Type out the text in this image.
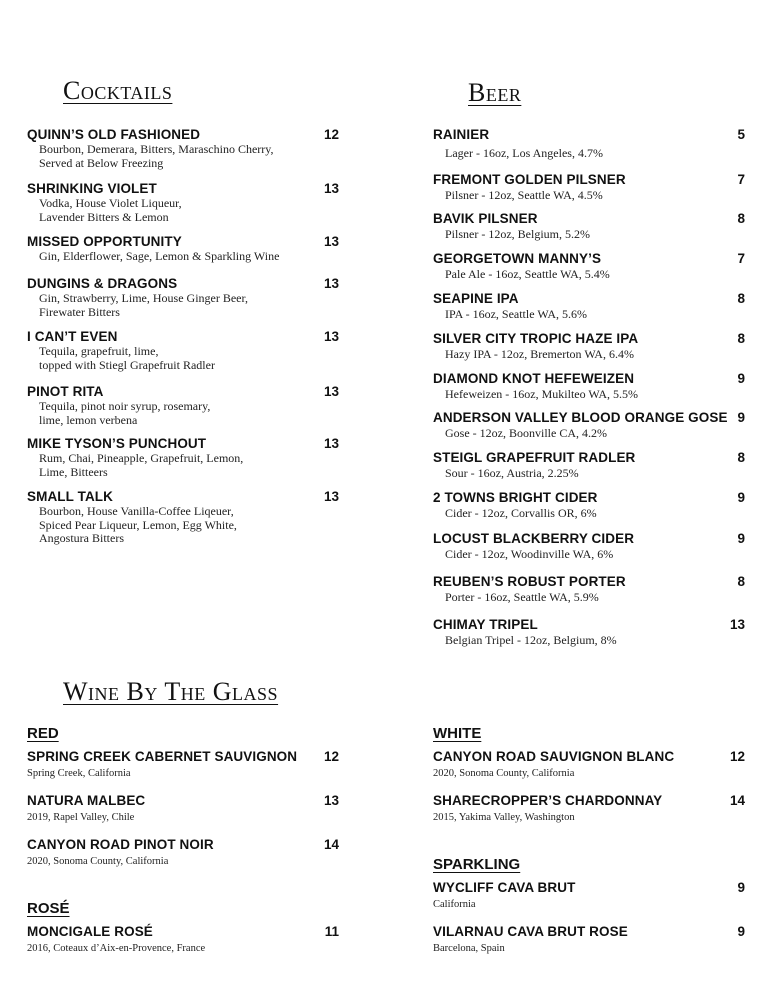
Cocktails	Beer
Wine By The Glass
QUINN’S OLD FASHIONED	12
Bourbon, Demerara, Bitters, Maraschino Cherry,
Served at Below Freezing
SHRINKING VIOLET	13
Vodka, House Violet Liqueur,
Lavender Bitters & Lemon
MISSED OPPORTUNITY	13
Gin, Elderflower, Sage, Lemon & Sparkling Wine
DUNGINS & DRAGONS	13
Gin, Strawberry, Lime, House Ginger Beer,
Firewater Bitters
I CAN’T EVEN	13
Tequila, grapefruit, lime,
topped with Stiegl Grapefruit Radler
PINOT RITA	13
Tequila, pinot noir syrup, rosemary,
lime, lemon verbena
MIKE TYSON’S PUNCHOUT	13
Rum, Chai, Pineapple, Grapefruit, Lemon,
Lime, Bitteers
SMALL TALK	13
Bourbon, House Vanilla-Coffee Liqeuer,
Spiced Pear Liqueur, Lemon, Egg White,
Angostura Bitters
RAINIER	5
Lager - 16oz, Los Angeles, 4.7%
FREMONT GOLDEN PILSNER	7
Pilsner - 12oz, Seattle WA, 4.5%
BAVIK PILSNER	8
Pilsner - 12oz, Belgium, 5.2%
GEORGETOWN MANNY’S	7
Pale Ale - 16oz, Seattle WA, 5.4%
SEAPINE IPA	8
IPA - 16oz, Seattle WA, 5.6%
SILVER CITY TROPIC HAZE IPA	8
Hazy IPA - 12oz, Bremerton WA, 6.4%
DIAMOND KNOT HEFEWEIZEN	9
Hefeweizen - 16oz, Mukilteo WA, 5.5%
ANDERSON VALLEY BLOOD ORANGE GOSE 9
Gose - 12oz, Boonville CA, 4.2%
STEIGL GRAPEFRUIT RADLER	8
Sour - 16oz, Austria, 2.25%
2 TOWNS BRIGHT CIDER	9
Cider - 12oz, Corvallis OR, 6%
LOCUST BLACKBERRY CIDER	9
Cider - 12oz, Woodinville WA, 6%
REUBEN’S ROBUST PORTER	8
Porter - 16oz, Seattle WA, 5.9%
CHIMAY TRIPEL	13
Belgian Tripel - 12oz, Belgium, 8%
RED
ROSÉ
WHITE
SPARKLING
SPRING CREEK CABERNET SAUVIGNON	12
Spring Creek, California
NATURA MALBEC	13
2019, Rapel Valley, Chile
CANYON ROAD PINOT NOIR	14
2020, Sonoma County, California
MONCIGALE ROSÉ	11
2016, Coteaux d’Aix-en-Provence, France
CANYON ROAD SAUVIGNON BLANC	12
2020, Sonoma County, California
SHARECROPPER’S CHARDONNAY	14
2015, Yakima Valley, Washington
WYCLIFF CAVA BRUT	9
California
VILARNAU CAVA BRUT ROSE	9
Barcelona, Spain
